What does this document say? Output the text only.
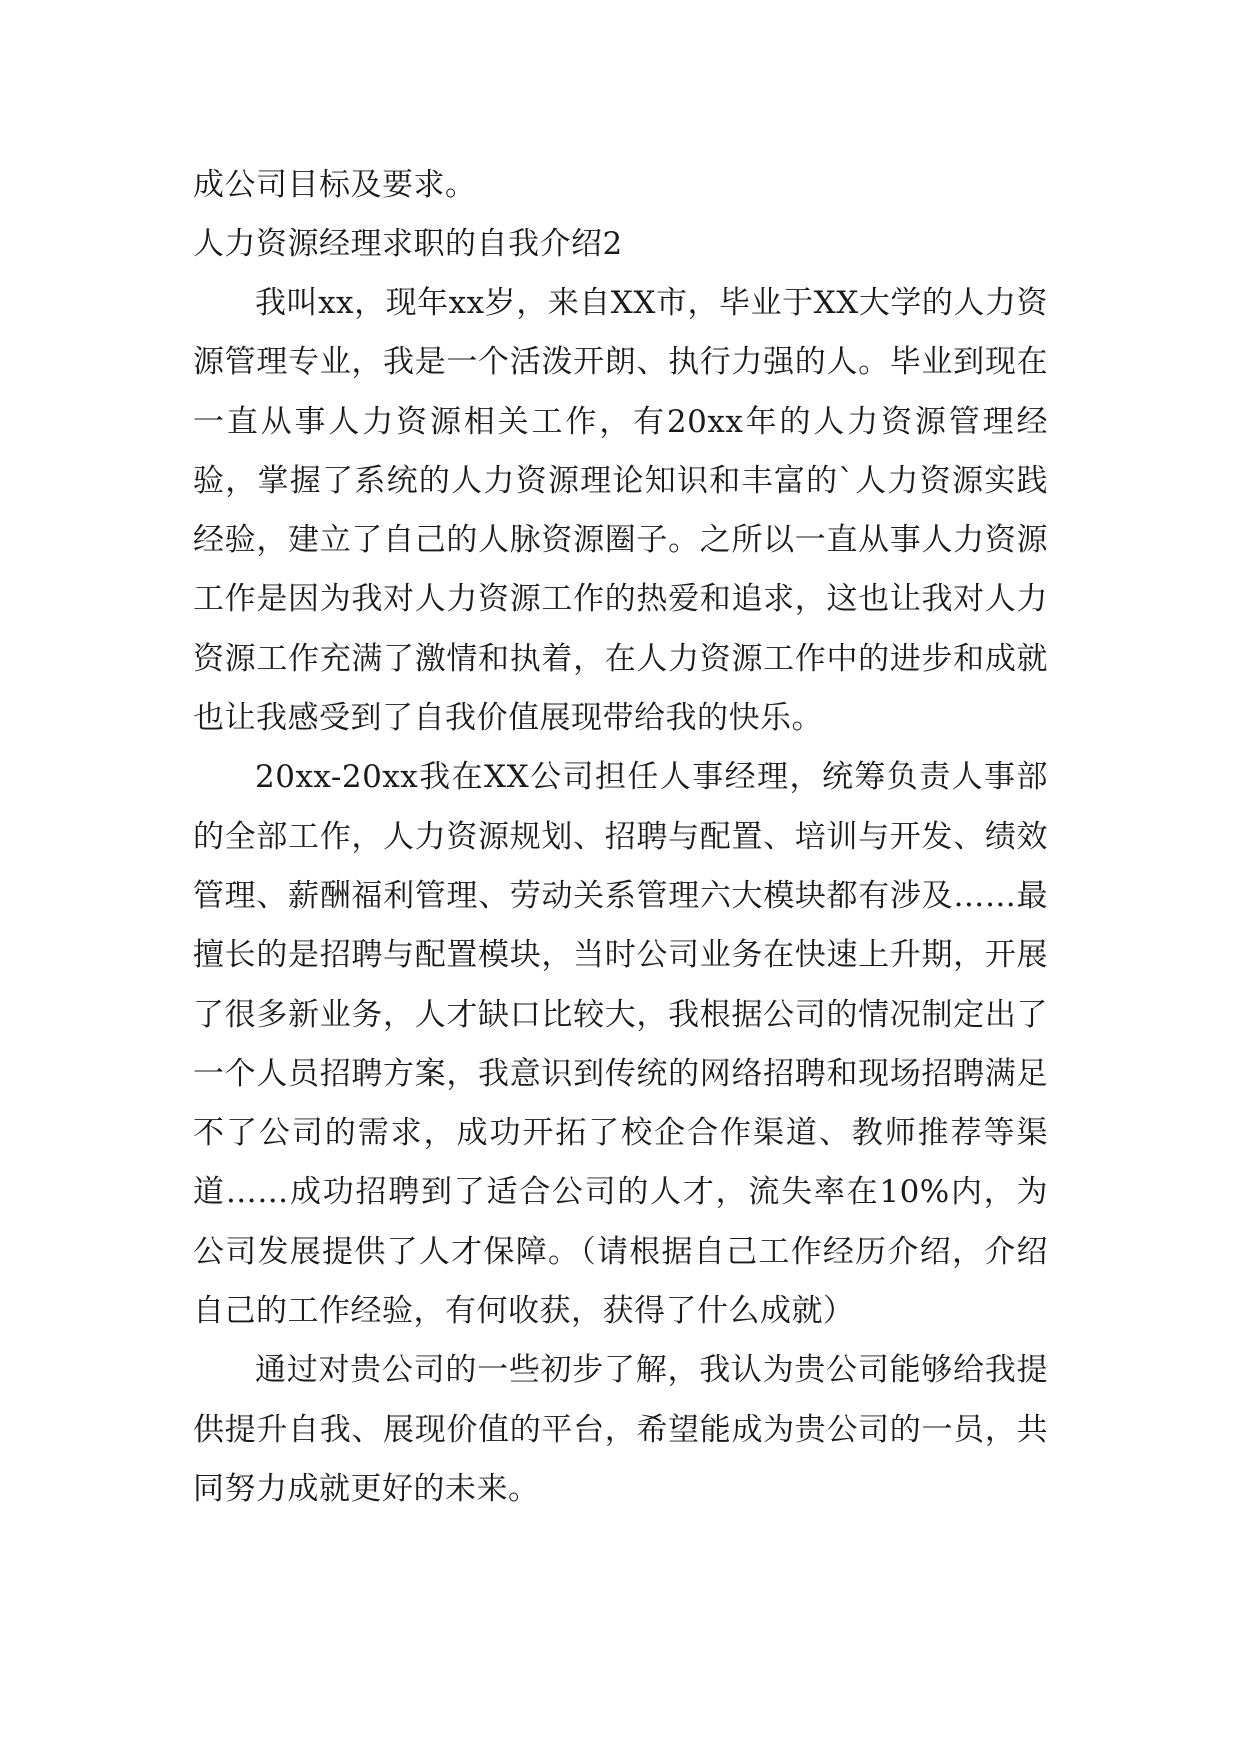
成公司目标及要求。

人力资源经理求职的自我介绍2

我叫xx，现年xx岁，来自XX市，毕业于XX大学的人力资源管理专业，我是一个活泼开朗、执行力强的人。毕业到现在一直从事人力资源相关工作，有20xx年的人力资源管理经验，掌握了系统的人力资源理论知识和丰富的`人力资源实践经验，建立了自己的人脉资源圈子。之所以一直从事人力资源工作是因为我对人力资源工作的热爱和追求，这也让我对人力资源工作充满了激情和执着，在人力资源工作中的进步和成就也让我感受到了自我价值展现带给我的快乐。

20xx-20xx我在XX公司担任人事经理，统筹负责人事部的全部工作，人力资源规划、招聘与配置、培训与开发、绩效管理、薪酬福利管理、劳动关系管理六大模块都有涉及……最擅长的是招聘与配置模块，当时公司业务在快速上升期，开展了很多新业务，人才缺口比较大，我根据公司的情况制定出了一个人员招聘方案，我意识到传统的网络招聘和现场招聘满足不了公司的需求，成功开拓了校企合作渠道、教师推荐等渠道……成功招聘到了适合公司的人才，流失率在10%内，为公司发展提供了人才保障。（请根据自己工作经历介绍，介绍自己的工作经验，有何收获，获得了什么成就）

通过对贵公司的一些初步了解，我认为贵公司能够给我提供提升自我、展现价值的平台，希望能成为贵公司的一员，共同努力成就更好的未来。
